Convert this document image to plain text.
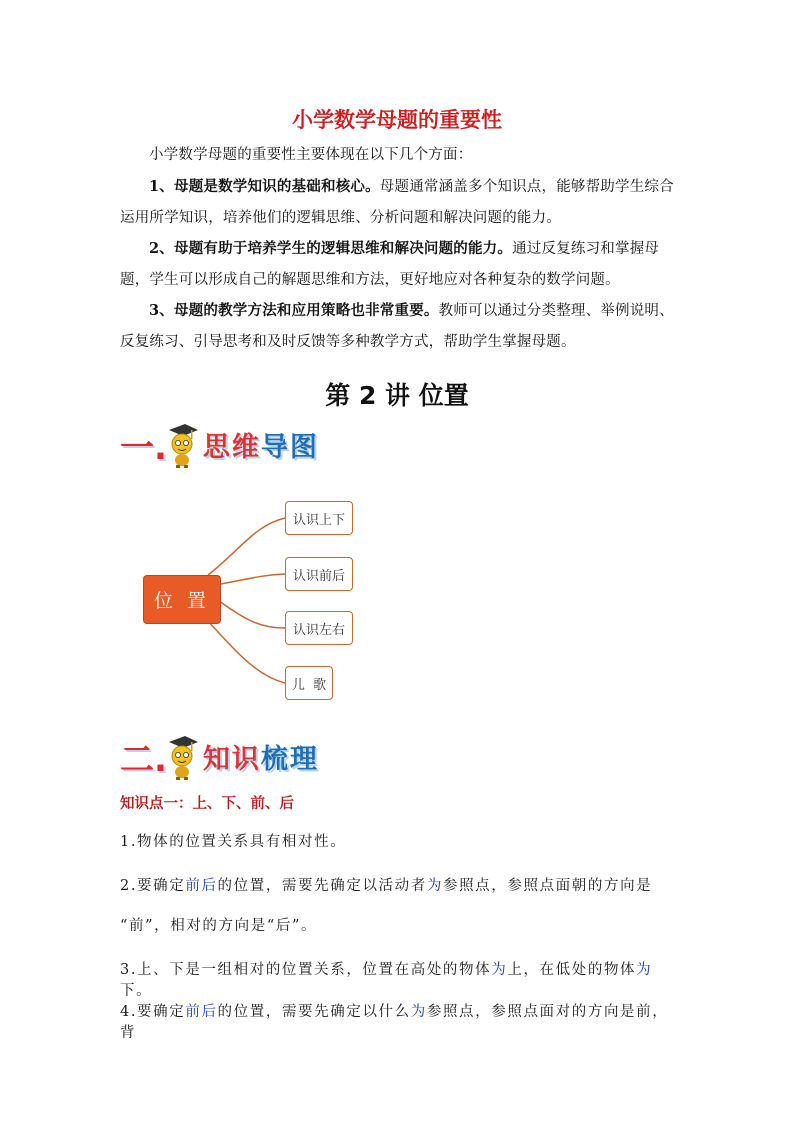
小学数学母题的重要性
小学数学母题的重要性主要体现在以下几个方面：
1、母题是数学知识的基础和核心。母题通常涵盖多个知识点，能够帮助学生综合运用所学知识，培养他们的逻辑思维、分析问题和解决问题的能力。
2、母题有助于培养学生的逻辑思维和解决问题的能力。通过反复练习和掌握母题，学生可以形成自己的解题思维和方法，更好地应对各种复杂的数学问题。
3、母题的教学方法和应用策略也非常重要。教师可以通过分类整理、举例说明、反复练习、引导思考和及时反馈等多种教学方式，帮助学生掌握母题。
第 2 讲 位置
一. 思维导图
位置
认识上下
认识前后
认识左右
儿  歌
二. 知识梳理
知识点一：上、下、前、后
1.物体的位置关系具有相对性。
2.要确定前后的位置，需要先确定以活动者为参照点，参照点面朝的方向是
“前”，相对的方向是“后”。
3.上、下是一组相对的位置关系，位置在高处的物体为上，在低处的物体为下。
4.要确定前后的位置，需要先确定以什么为参照点，参照点面对的方向是前，背
